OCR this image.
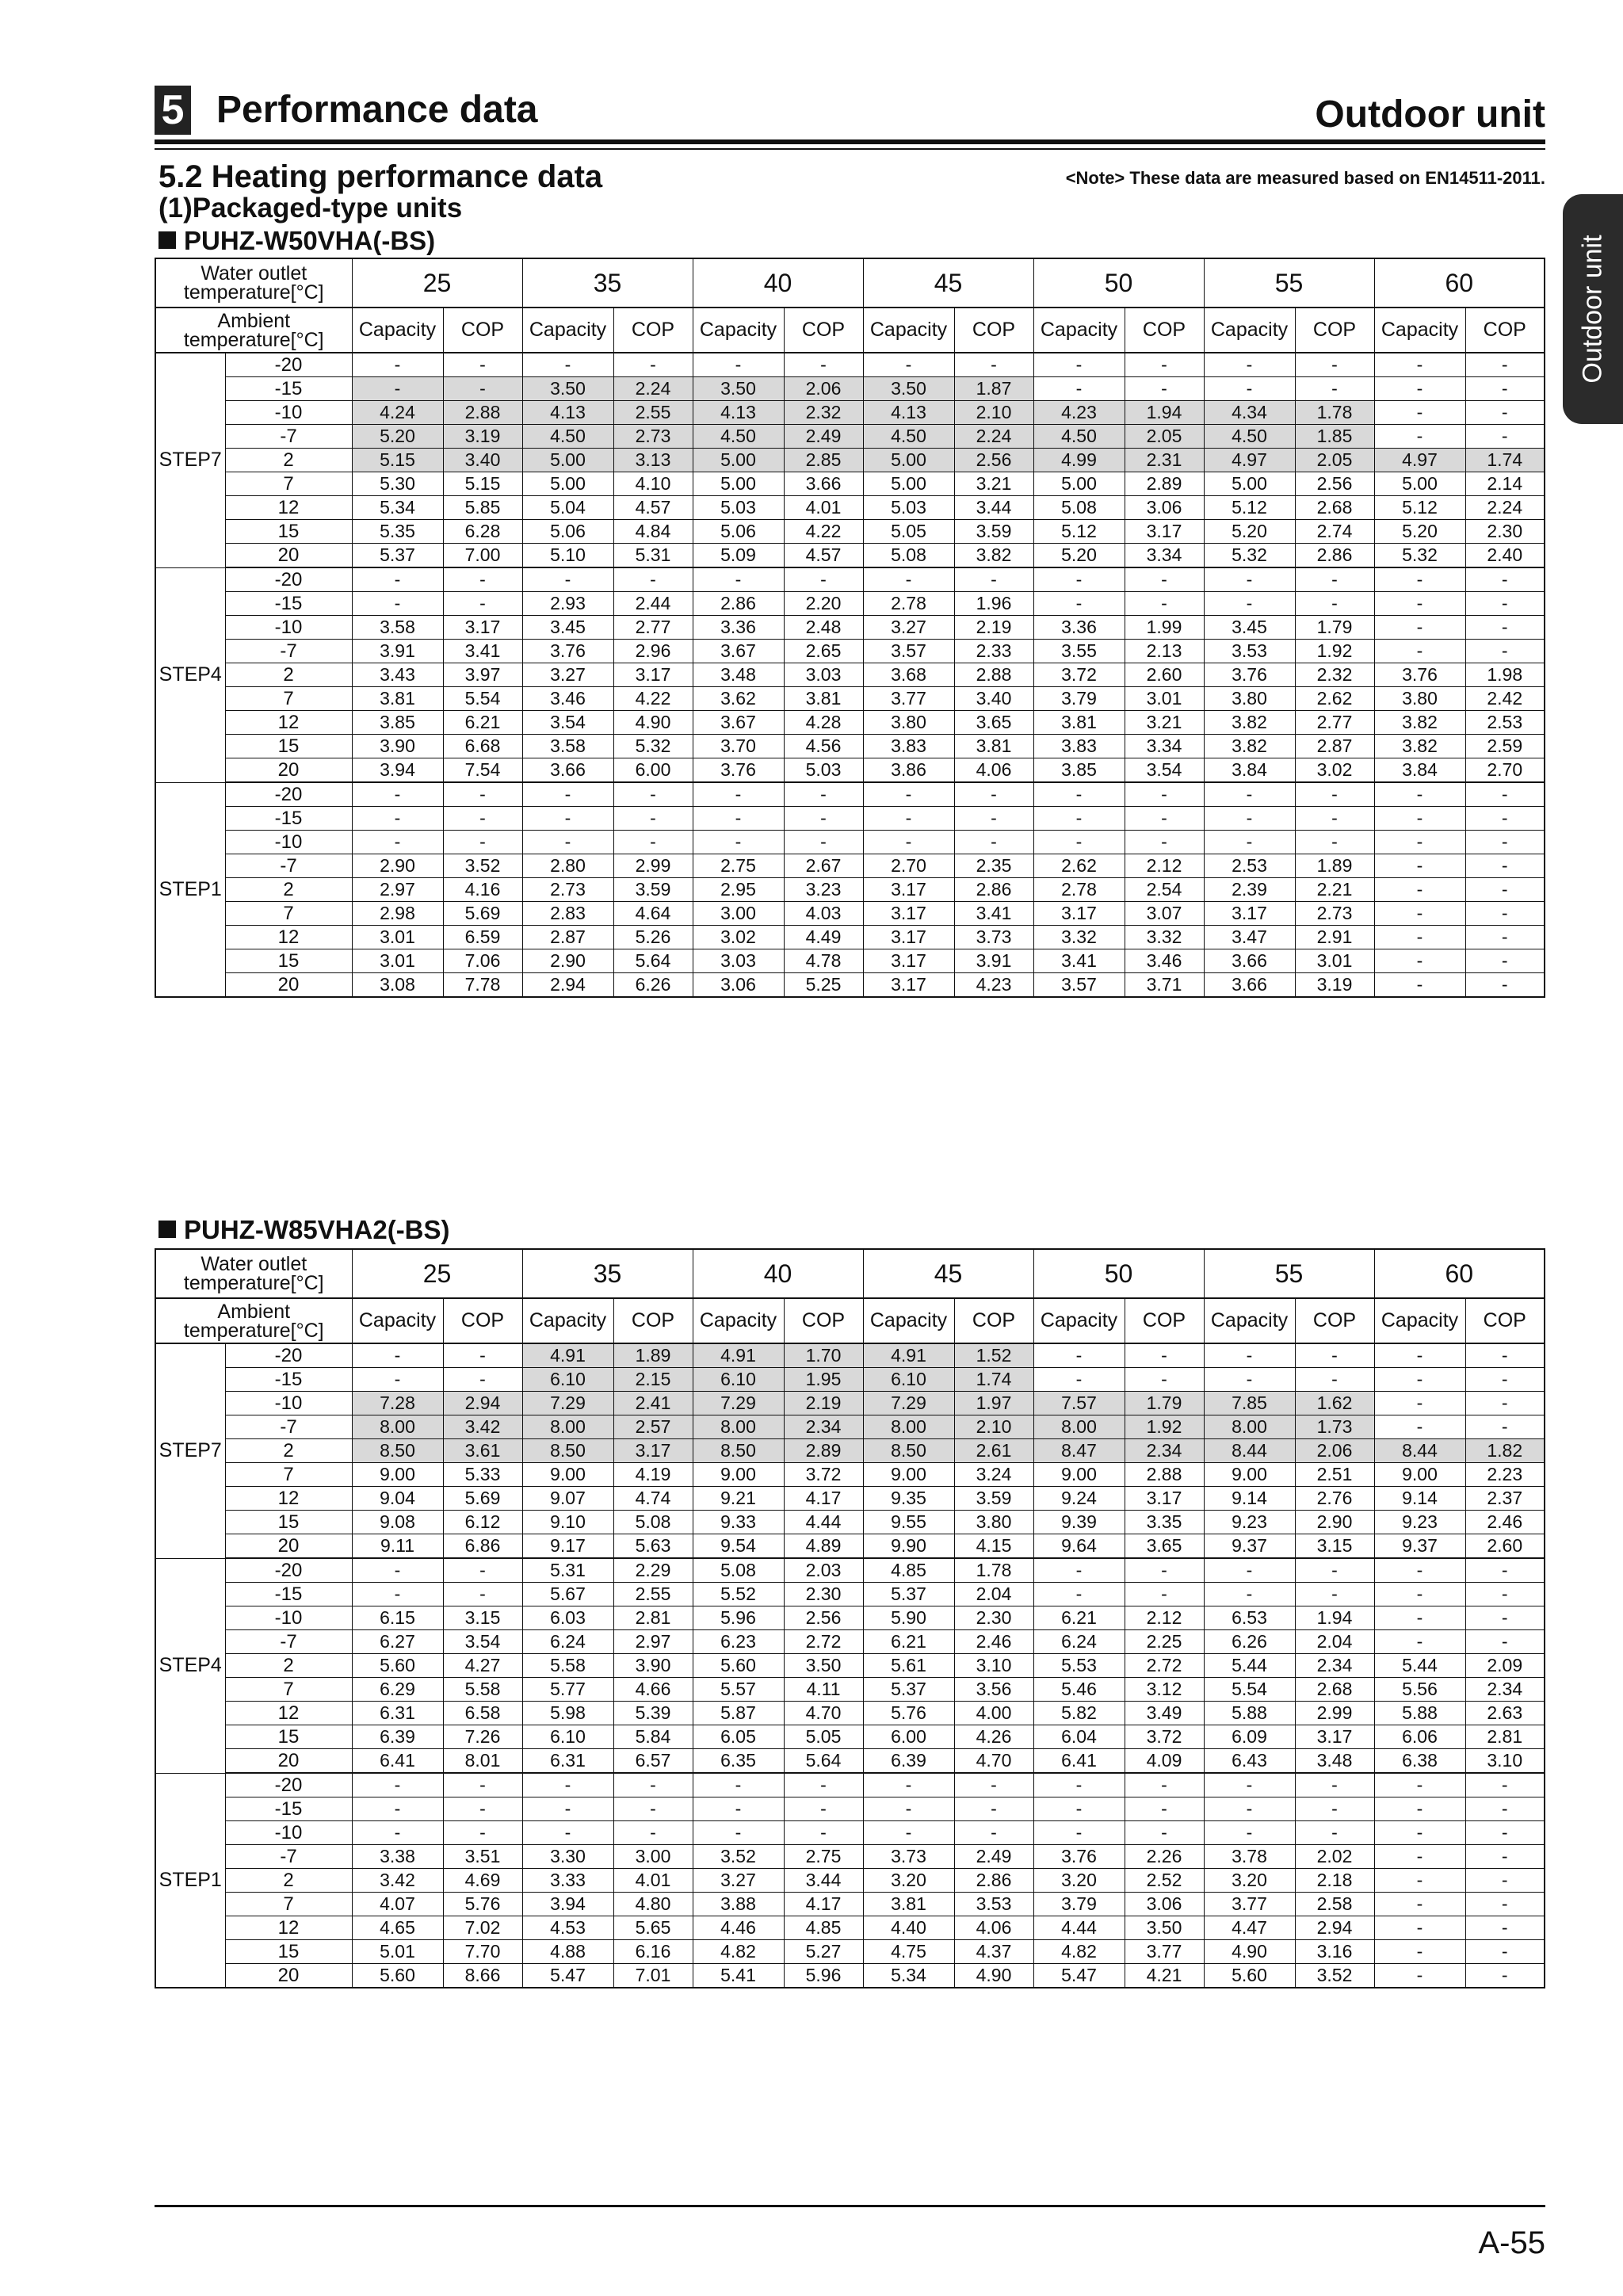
5 Performance data	Outdoor unit
5.2 Heating performance data
(1)Packaged-type units
<Note> These data are measured based on EN14511-2011.
Outdoor unit
PUHZ-W50VHA(-BS)
Water outlet
temperature[°C]		25		35		40		45		50		55		60	

Ambient
temperature[°C]		Capacity	COP	Capacity	COP	Capacity	COP	Capacity	COP	Capacity	COP	Capacity	COP	Capacity	COP
STEP7	-20	-	-	-	-	-	-	-	-	-	-	-	-	-	-
	-15	-	-	3.50	2.24	3.50	2.06	3.50	1.87	-	-	-	-	-	-
	-10	4.24	2.88	4.13	2.55	4.13	2.32	4.13	2.10	4.23	1.94	4.34	1.78	-	-
	-7	5.20	3.19	4.50	2.73	4.50	2.49	4.50	2.24	4.50	2.05	4.50	1.85	-	-
	2	5.15	3.40	5.00	3.13	5.00	2.85	5.00	2.56	4.99	2.31	4.97	2.05	4.97	1.74
	7	5.30	5.15	5.00	4.10	5.00	3.66	5.00	3.21	5.00	2.89	5.00	2.56	5.00	2.14
	12	5.34	5.85	5.04	4.57	5.03	4.01	5.03	3.44	5.08	3.06	5.12	2.68	5.12	2.24
	15	5.35	6.28	5.06	4.84	5.06	4.22	5.05	3.59	5.12	3.17	5.20	2.74	5.20	2.30
	20	5.37	7.00	5.10	5.31	5.09	4.57	5.08	3.82	5.20	3.34	5.32	2.86	5.32	2.40
STEP4	-20	-	-	-	-	-	-	-	-	-	-	-	-	-	-
	-15	-	-	2.93	2.44	2.86	2.20	2.78	1.96	-	-	-	-	-	-
	-10	3.58	3.17	3.45	2.77	3.36	2.48	3.27	2.19	3.36	1.99	3.45	1.79	-	-
	-7	3.91	3.41	3.76	2.96	3.67	2.65	3.57	2.33	3.55	2.13	3.53	1.92	-	-
	2	3.43	3.97	3.27	3.17	3.48	3.03	3.68	2.88	3.72	2.60	3.76	2.32	3.76	1.98
	7	3.81	5.54	3.46	4.22	3.62	3.81	3.77	3.40	3.79	3.01	3.80	2.62	3.80	2.42
	12	3.85	6.21	3.54	4.90	3.67	4.28	3.80	3.65	3.81	3.21	3.82	2.77	3.82	2.53
	15	3.90	6.68	3.58	5.32	3.70	4.56	3.83	3.81	3.83	3.34	3.82	2.87	3.82	2.59
	20	3.94	7.54	3.66	6.00	3.76	5.03	3.86	4.06	3.85	3.54	3.84	3.02	3.84	2.70
STEP1	-20	-	-	-	-	-	-	-	-	-	-	-	-	-	-
	-15	-	-	-	-	-	-	-	-	-	-	-	-	-	-
	-10	-	-	-	-	-	-	-	-	-	-	-	-	-	-
	-7	2.90	3.52	2.80	2.99	2.75	2.67	2.70	2.35	2.62	2.12	2.53	1.89	-	-
	2	2.97	4.16	2.73	3.59	2.95	3.23	3.17	2.86	2.78	2.54	2.39	2.21	-	-
	7	2.98	5.69	2.83	4.64	3.00	4.03	3.17	3.41	3.17	3.07	3.17	2.73	-	-
	12	3.01	6.59	2.87	5.26	3.02	4.49	3.17	3.73	3.32	3.32	3.47	2.91	-	-
	15	3.01	7.06	2.90	5.64	3.03	4.78	3.17	3.91	3.41	3.46	3.66	3.01	-	-
	20	3.08	7.78	2.94	6.26	3.06	5.25	3.17	4.23	3.57	3.71	3.66	3.19	-	-
PUHZ-W85VHA2(-BS)
Water outlet
temperature[°C]		25		35		40		45		50		55		60	

Ambient
temperature[°C]		Capacity	COP	Capacity	COP	Capacity	COP	Capacity	COP	Capacity	COP	Capacity	COP	Capacity	COP
STEP7	-20	-	-	4.91	1.89	4.91	1.70	4.91	1.52	-	-	-	-	-	-
	-15	-	-	6.10	2.15	6.10	1.95	6.10	1.74	-	-	-	-	-	-
	-10	7.28	2.94	7.29	2.41	7.29	2.19	7.29	1.97	7.57	1.79	7.85	1.62	-	-
	-7	8.00	3.42	8.00	2.57	8.00	2.34	8.00	2.10	8.00	1.92	8.00	1.73	-	-
	2	8.50	3.61	8.50	3.17	8.50	2.89	8.50	2.61	8.47	2.34	8.44	2.06	8.44	1.82
	7	9.00	5.33	9.00	4.19	9.00	3.72	9.00	3.24	9.00	2.88	9.00	2.51	9.00	2.23
	12	9.04	5.69	9.07	4.74	9.21	4.17	9.35	3.59	9.24	3.17	9.14	2.76	9.14	2.37
	15	9.08	6.12	9.10	5.08	9.33	4.44	9.55	3.80	9.39	3.35	9.23	2.90	9.23	2.46
	20	9.11	6.86	9.17	5.63	9.54	4.89	9.90	4.15	9.64	3.65	9.37	3.15	9.37	2.60
STEP4	-20	-	-	5.31	2.29	5.08	2.03	4.85	1.78	-	-	-	-	-	-
	-15	-	-	5.67	2.55	5.52	2.30	5.37	2.04	-	-	-	-	-	-
	-10	6.15	3.15	6.03	2.81	5.96	2.56	5.90	2.30	6.21	2.12	6.53	1.94	-	-
	-7	6.27	3.54	6.24	2.97	6.23	2.72	6.21	2.46	6.24	2.25	6.26	2.04	-	-
	2	5.60	4.27	5.58	3.90	5.60	3.50	5.61	3.10	5.53	2.72	5.44	2.34	5.44	2.09
	7	6.29	5.58	5.77	4.66	5.57	4.11	5.37	3.56	5.46	3.12	5.54	2.68	5.56	2.34
	12	6.31	6.58	5.98	5.39	5.87	4.70	5.76	4.00	5.82	3.49	5.88	2.99	5.88	2.63
	15	6.39	7.26	6.10	5.84	6.05	5.05	6.00	4.26	6.04	3.72	6.09	3.17	6.06	2.81
	20	6.41	8.01	6.31	6.57	6.35	5.64	6.39	4.70	6.41	4.09	6.43	3.48	6.38	3.10
STEP1	-20	-	-	-	-	-	-	-	-	-	-	-	-	-	-
	-15	-	-	-	-	-	-	-	-	-	-	-	-	-	-
	-10	-	-	-	-	-	-	-	-	-	-	-	-	-	-
	-7	3.38	3.51	3.30	3.00	3.52	2.75	3.73	2.49	3.76	2.26	3.78	2.02	-	-
	2	3.42	4.69	3.33	4.01	3.27	3.44	3.20	2.86	3.20	2.52	3.20	2.18	-	-
	7	4.07	5.76	3.94	4.80	3.88	4.17	3.81	3.53	3.79	3.06	3.77	2.58	-	-
	12	4.65	7.02	4.53	5.65	4.46	4.85	4.40	4.06	4.44	3.50	4.47	2.94	-	-
	15	5.01	7.70	4.88	6.16	4.82	5.27	4.75	4.37	4.82	3.77	4.90	3.16	-	-
	20	5.60	8.66	5.47	7.01	5.41	5.96	5.34	4.90	5.47	4.21	5.60	3.52	-	-
A-55
